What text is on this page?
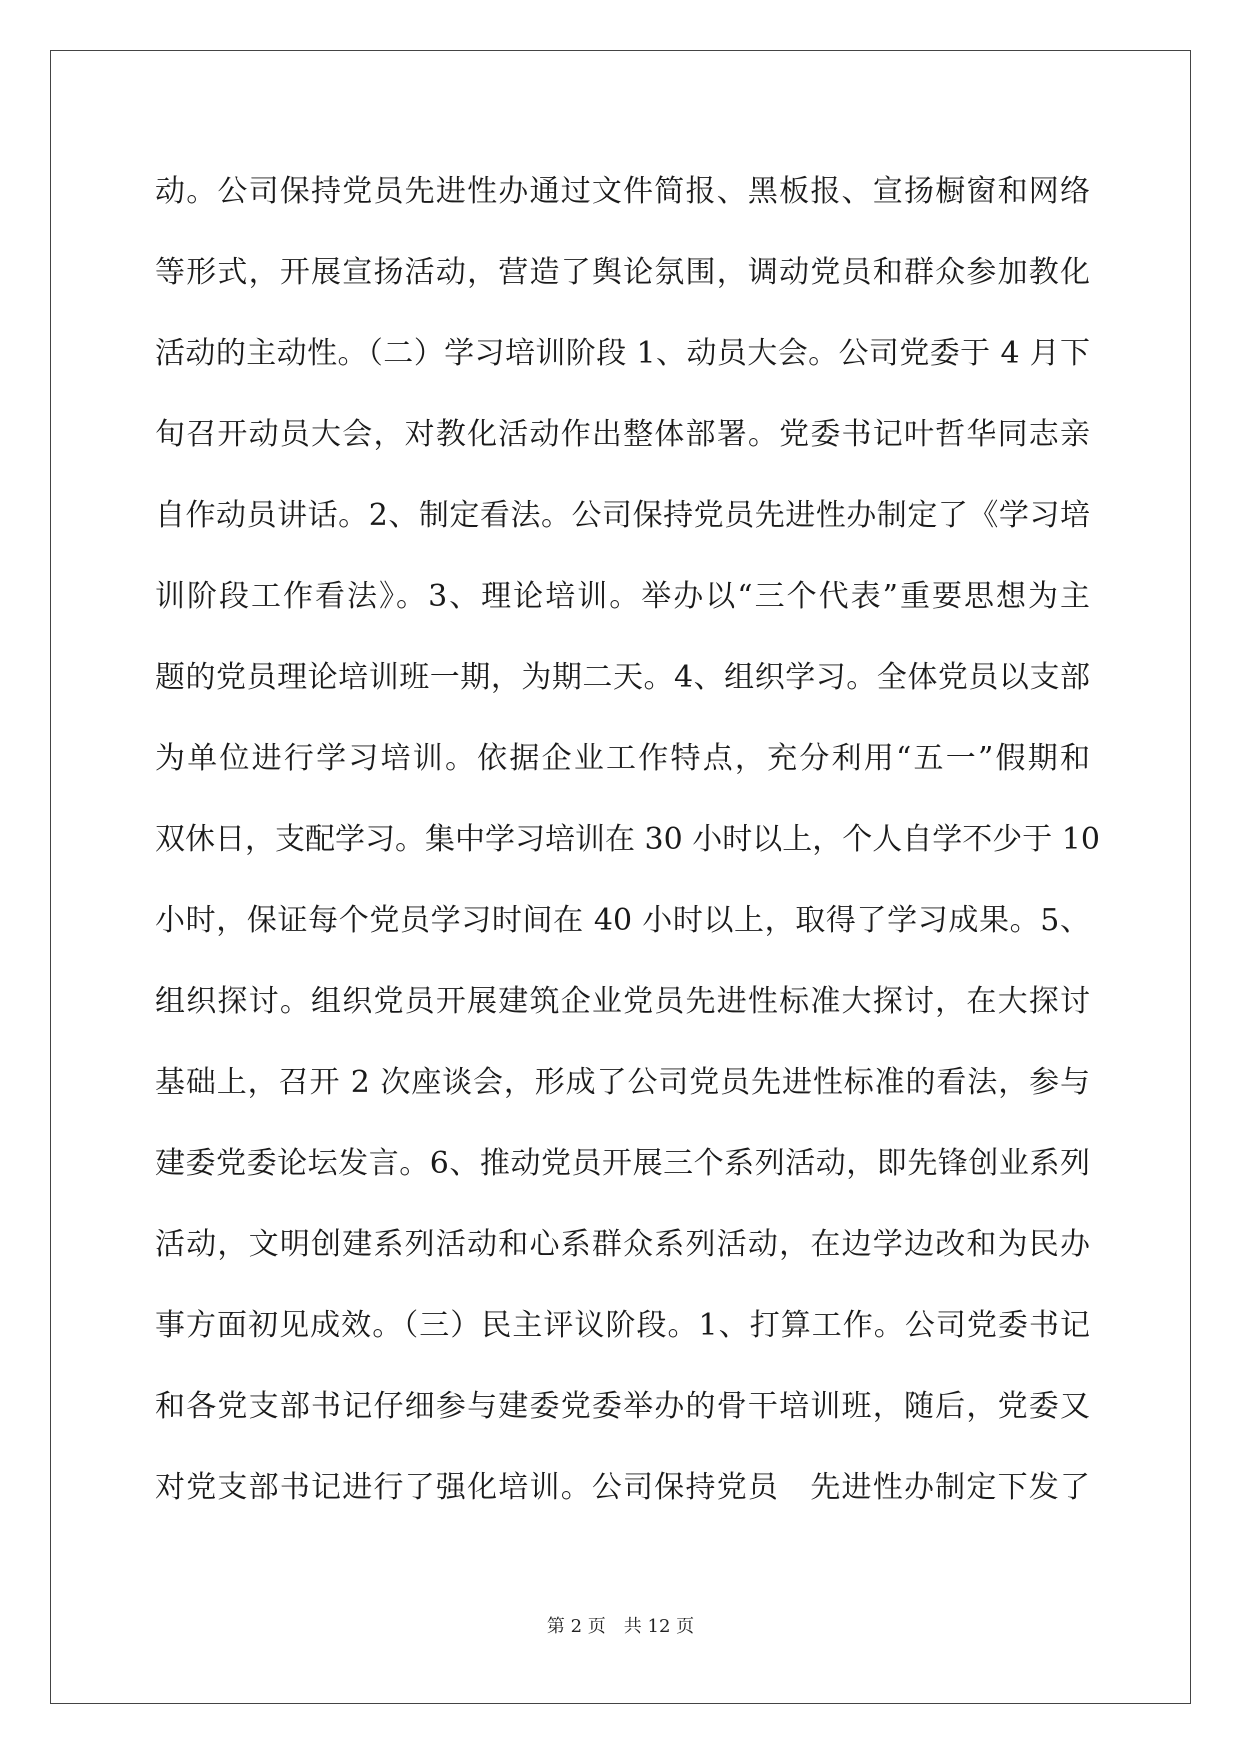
动。公司保持党员先进性办通过文件简报、黑板报、宣扬橱窗和网络
等形式，开展宣扬活动，营造了舆论氛围，调动党员和群众参加教化
活动的主动性。（二）学习培训阶段 1、动员大会。公司党委于 4 月下
旬召开动员大会，对教化活动作出整体部署。党委书记叶哲华同志亲
自作动员讲话。2、制定看法。公司保持党员先进性办制定了《学习培
训阶段工作看法》。3、理论培训。举办以“三个代表”重要思想为主
题的党员理论培训班一期，为期二天。4、组织学习。全体党员以支部
为单位进行学习培训。依据企业工作特点，充分利用“五一”假期和
双休日，支配学习。集中学习培训在 30 小时以上，个人自学不少于 10
小时，保证每个党员学习时间在 40 小时以上，取得了学习成果。5、
组织探讨。组织党员开展建筑企业党员先进性标准大探讨，在大探讨
基础上，召开 2 次座谈会，形成了公司党员先进性标准的看法，参与
建委党委论坛发言。6、推动党员开展三个系列活动，即先锋创业系列
活动，文明创建系列活动和心系群众系列活动，在边学边改和为民办
事方面初见成效。（三）民主评议阶段。1、打算工作。公司党委书记
和各党支部书记仔细参与建委党委举办的骨干培训班，随后，党委又
对党支部书记进行了强化培训。公司保持党员　先进性办制定下发了
第 2 页 共 12 页
